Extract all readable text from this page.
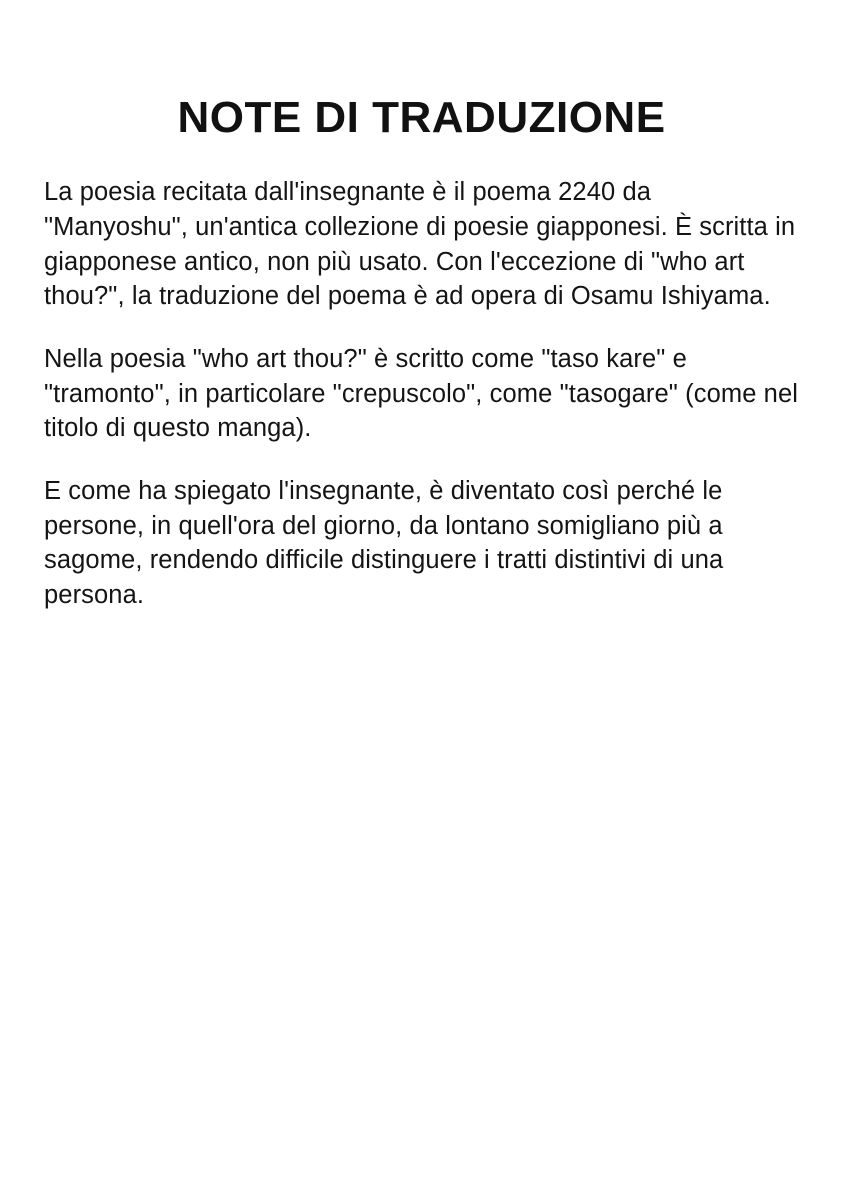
NOTE DI TRADUZIONE

La poesia recitata dall'insegnante è il poema 2240 da "Manyoshu", un'antica collezione di poesie giapponesi. È scritta in giapponese antico, non più usato. Con l'eccezione di "who art thou?", la traduzione del poema è ad opera di Osamu Ishiyama.

Nella poesia "who art thou?" è scritto come "taso kare" e "tramonto", in particolare "crepuscolo", come "tasogare" (come nel titolo di questo manga).

E come ha spiegato l'insegnante, è diventato così perché le persone, in quell'ora del giorno, da lontano somigliano più a sagome, rendendo difficile distinguere i tratti distintivi di una persona.
